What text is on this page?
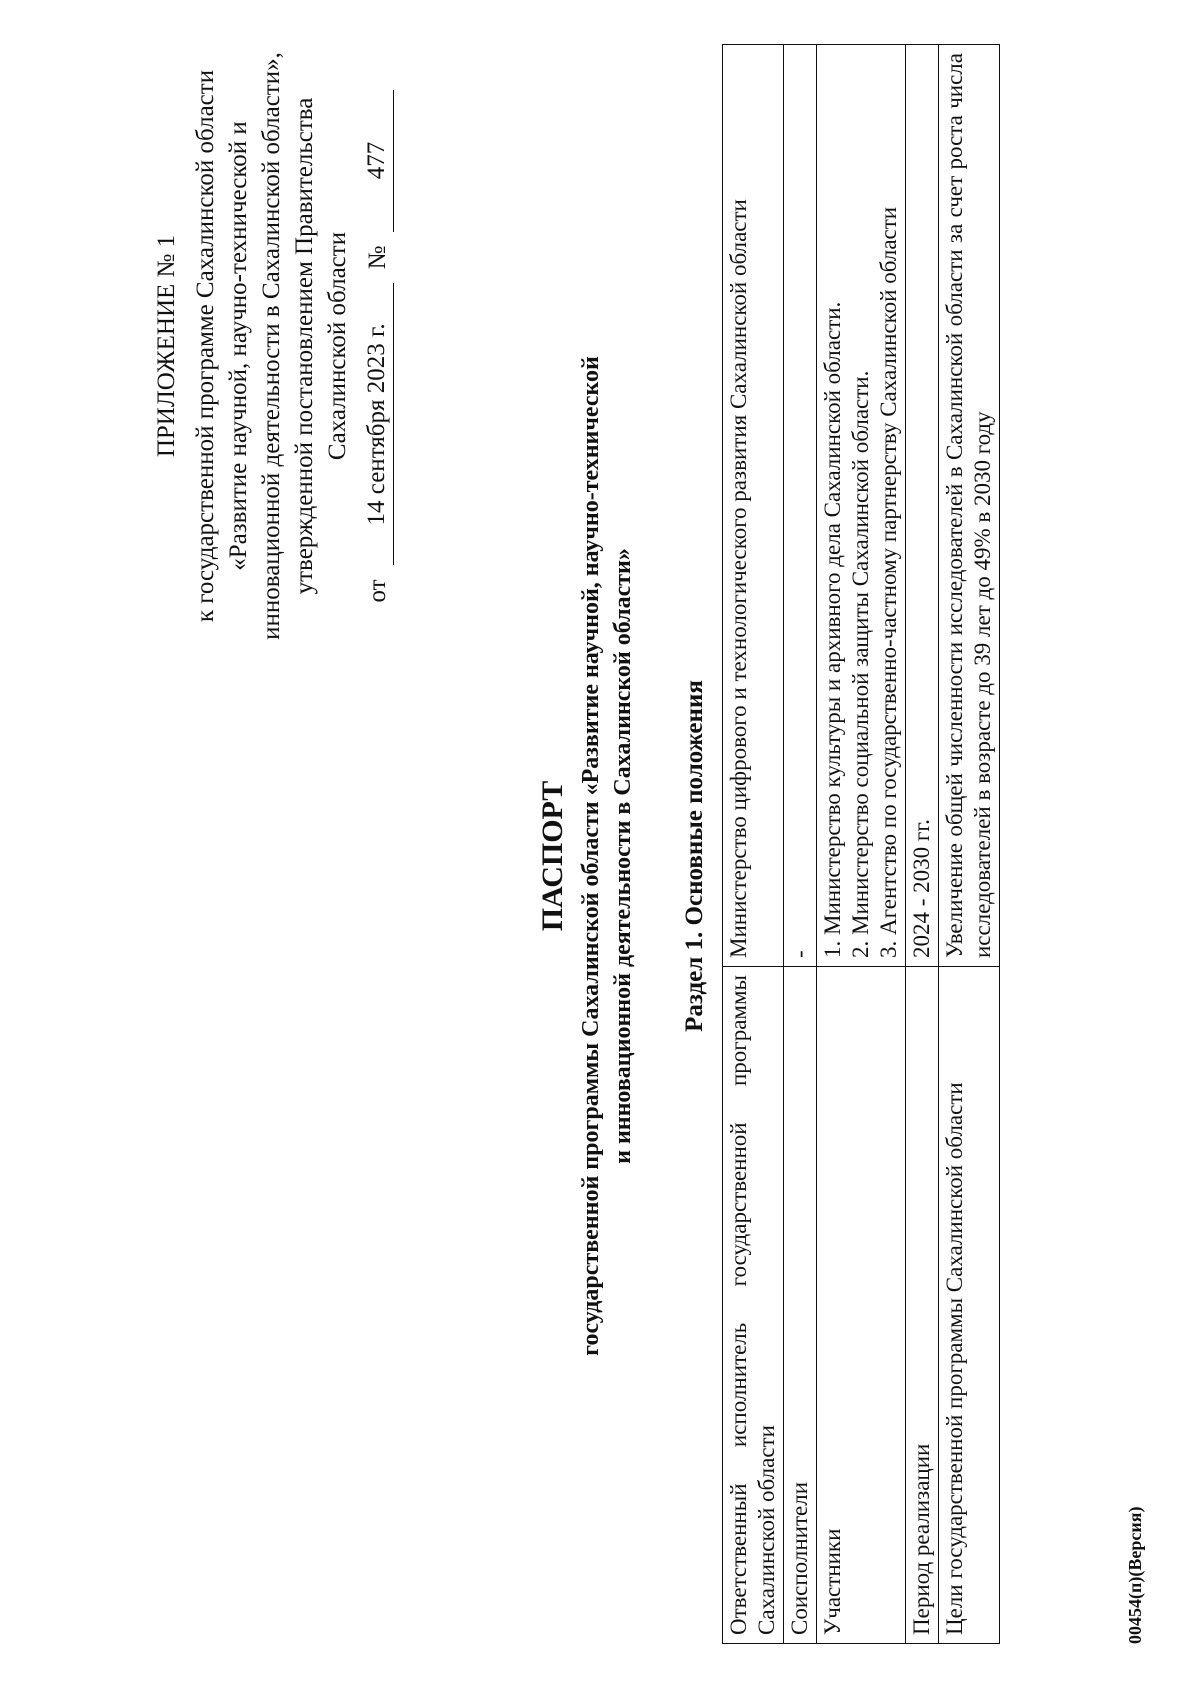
ПРИЛОЖЕНИЕ № 1 к государственной программе Сахалинской области «Развитие научной, научно-технической и инновационной деятельности в Сахалинской области», утвержденной постановлением Правительства Сахалинской области
от
14 сентября 2023 г.
№
477
ПАСПОРТ государственной программы Сахалинской области «Развитие научной, научно-технической и инновационной деятельности в Сахалинской области» Раздел 1. Основные положения
Ответственный исполнитель государственной программы Сахалинской области	Министерство цифрового и технологического развития Сахалинской области
Соисполнители	-
Участники	1. Министерство культуры и архивного дела Сахалинской области. 2. Министерство социальной защиты Сахалинской области. 3. Агентство по государственно-частному партнерству Сахалинской области

Период реализации	2024 - 2030 гг.
Цели государственной программы Сахалинской области	Увеличение общей численности исследователей в Сахалинской области за счет роста числа исследователей в возрасте до 39 лет до 49% в 2030 году
00454(п)(Версия)
